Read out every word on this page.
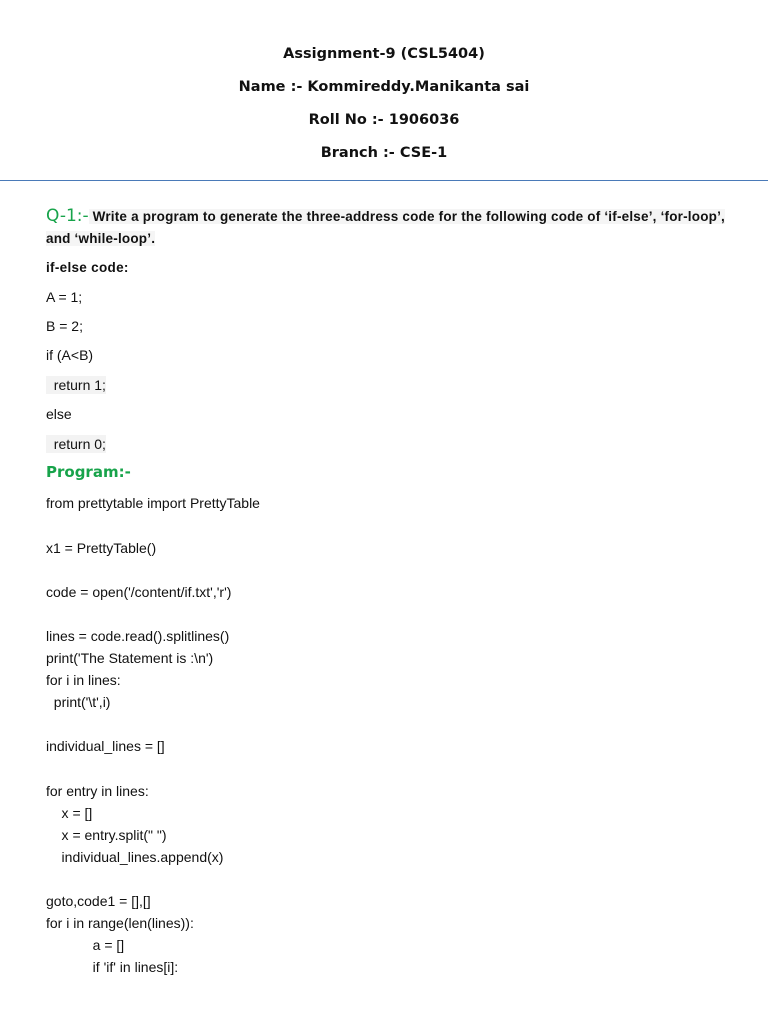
Assignment-9 (CSL5404)
Name :- Kommireddy.Manikanta sai
Roll No :- 1906036
Branch :- CSE-1
Q-1:- Write a program to generate the three-address code for the following code of ‘if-else’, ‘for-loop’, and ‘while-loop’.
if-else code:
A = 1;
B = 2;
if (A<B)
return 1;
else
return 0;
Program:-
from prettytable import PrettyTable
x1 = PrettyTable()
code = open('/content/if.txt','r')
lines = code.read().splitlines()
print('The Statement is :\n')
for i in lines:
print('\t',i)
individual_lines = []
for entry in lines:
x = []
x = entry.split(" ")
individual_lines.append(x)
goto,code1 = [],[]
for i in range(len(lines)):
a = []
if 'if' in lines[i]:
